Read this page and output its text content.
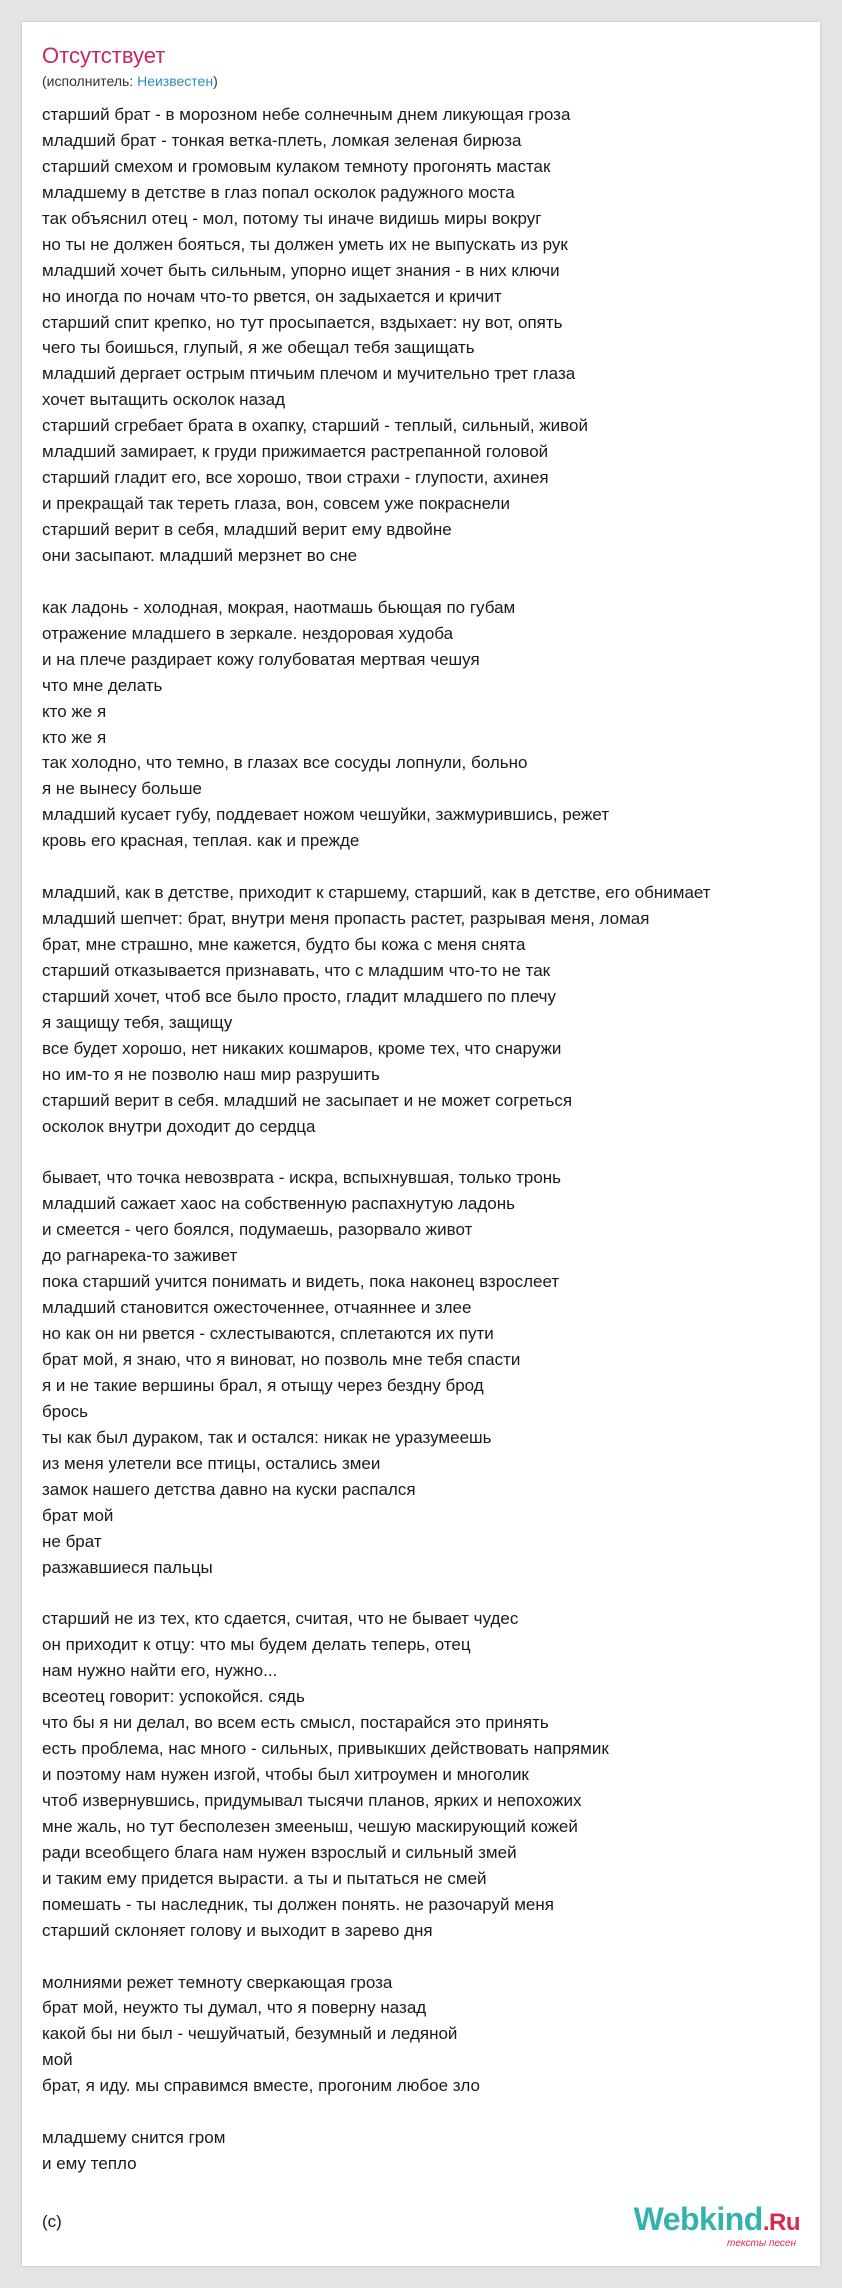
Отсутствует
(исполнитель: Неизвестен)
старший брат - в морозном небе солнечным днем ликующая гроза
младший брат - тонкая ветка-плеть, ломкая зеленая бирюза
старший смехом и громовым кулаком темноту прогонять мастак
младшему в детстве в глаз попал осколок радужного моста
так объяснил отец - мол, потому ты иначе видишь миры вокруг
но ты не должен бояться, ты должен уметь их не выпускать из рук
младший хочет быть сильным, упорно ищет знания - в них ключи
но иногда по ночам что-то рвется, он задыхается и кричит
старший спит крепко, но тут просыпается, вздыхает: ну вот, опять
чего ты боишься, глупый, я же обещал тебя защищать
младший дергает острым птичьим плечом и мучительно трет глаза
хочет вытащить осколок назад
старший сгребает брата в охапку, старший - теплый, сильный, живой
младший замирает, к груди прижимается растрепанной головой
старший гладит его, все хорошо, твои страхи - глупости, ахинея
и прекращай так тереть глаза, вон, совсем уже покраснели
старший верит в себя, младший верит ему вдвойне
они засыпают. младший мерзнет во сне
как ладонь - холодная, мокрая, наотмашь бьющая по губам
отражение младшего в зеркале. нездоровая худоба
и на плече раздирает кожу голубоватая мертвая чешуя
что мне делать
кто же я
кто же я
так холодно, что темно, в глазах все сосуды лопнули, больно
я не вынесу больше
младший кусает губу, поддевает ножом чешуйки, зажмурившись, режет
кровь его красная, теплая. как и прежде
младший, как в детстве, приходит к старшему, старший, как в детстве, его обнимает
младший шепчет: брат, внутри меня пропасть растет, разрывая меня, ломая
брат, мне страшно, мне кажется, будто бы кожа с меня снята
старший отказывается признавать, что с младшим что-то не так
старший хочет, чтоб все было просто, гладит младшего по плечу
я защищу тебя, защищу
все будет хорошо, нет никаких кошмаров, кроме тех, что снаружи
но им-то я не позволю наш мир разрушить
старший верит в себя. младший не засыпает и не может согреться
осколок внутри доходит до сердца
бывает, что точка невозврата - искра, вспыхнувшая, только тронь
младший сажает хаос на собственную распахнутую ладонь
и смеется - чего боялся, подумаешь, разорвало живот
до рагнарека-то заживет
пока старший учится понимать и видеть, пока наконец взрослеет
младший становится ожесточеннее, отчаяннее и злее
но как он ни рвется - схлестываются, сплетаются их пути
брат мой, я знаю, что я виноват, но позволь мне тебя спасти
я и не такие вершины брал, я отыщу через бездну брод
брось
ты как был дураком, так и остался: никак не уразумеешь
из меня улетели все птицы, остались змеи
замок нашего детства давно на куски распался
брат мой
не брат
разжавшиеся пальцы
старший не из тех, кто сдается, считая, что не бывает чудес
он приходит к отцу: что мы будем делать теперь, отец
нам нужно найти его, нужно...
всеотец говорит: успокойся. сядь
что бы я ни делал, во всем есть смысл, постарайся это принять
есть проблема, нас много - сильных, привыкших действовать напрямик
и поэтому нам нужен изгой, чтобы был хитроумен и многолик
чтоб извернувшись, придумывал тысячи планов, ярких и непохожих
мне жаль, но тут бесполезен змееныш, чешую маскирующий кожей
ради всеобщего блага нам нужен взрослый и сильный змей
и таким ему придется вырасти. а ты и пытаться не смей
помешать - ты наследник, ты должен понять. не разочаруй меня
старший склоняет голову и выходит в зарево дня
молниями режет темноту сверкающая гроза
брат мой, неужто ты думал, что я поверну назад
какой бы ни был - чешуйчатый, безумный и ледяной
мой
брат, я иду. мы справимся вместе, прогоним любое зло
младшему снится гром
и ему тепло
(c)	Webkind.Ru
тексты песен
